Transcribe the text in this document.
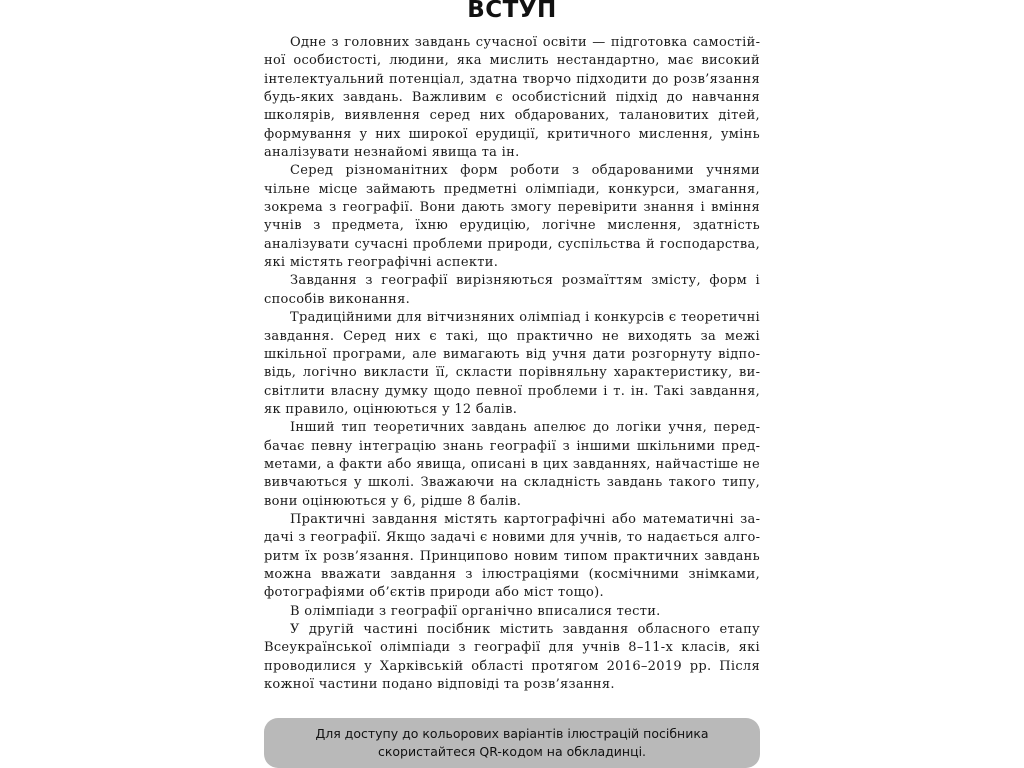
ВСТУП

Одне з головних завдань сучасної освіти — підготовка самостійної особистості, людини, яка мислить нестандартно, має високий інтелектуальний потенціал, здатна творчо підходити до розв’язання будь-яких завдань. Важливим є особистісний підхід до навчання школярів, виявлення серед них обдарованих, талановитих дітей, формування у них широкої ерудиції, критичного мислення, умінь аналізувати незнайомі явища та ін.

Серед різноманітних форм роботи з обдарованими учнями чільне місце займають предметні олімпіади, конкурси, змагання, зокрема з географії. Вони дають змогу перевірити знання і вміння учнів з предмета, їхню ерудицію, логічне мислення, здатність аналізувати сучасні проблеми природи, суспільства й господарства, які містять географічні аспекти.

Завдання з географії вирізняються розмаїттям змісту, форм і способів виконання.

Традиційними для вітчизняних олімпіад і конкурсів є теоретичні завдання. Серед них є такі, що практично не виходять за межі шкільної програми, але вимагають від учня дати розгорнуту відповідь, логічно викласти її, скласти порівняльну характеристику, висвітлити власну думку щодо певної проблеми і т. ін. Такі завдання, як правило, оцінюються у 12 балів.

Інший тип теоретичних завдань апелює до логіки учня, передбачає певну інтеграцію знань географії з іншими шкільними предметами, а факти або явища, описані в цих завданнях, найчастіше не вивчаються у школі. Зважаючи на складність завдань такого типу, вони оцінюються у 6, рідше 8 балів.

Практичні завдання містять картографічні або математичні задачі з географії. Якщо задачі є новими для учнів, то надається алгоритм їх розв’язання. Принципово новим типом практичних завдань можна вважати завдання з ілюстраціями (космічними знімками, фотографіями об’єктів природи або міст тощо).

В олімпіади з географії органічно вписалися тести.

У другій частині посібник містить завдання обласного етапу Всеукраїнської олімпіади з географії для учнів 8–11-х класів, які проводилися у Харківській області протягом 2016–2019 рр. Після кожної частини подано відповіді та розв’язання.

Для доступу до кольорових варіантів ілюстрацій посібника
скористайтеся QR-кодом на обкладинці.
